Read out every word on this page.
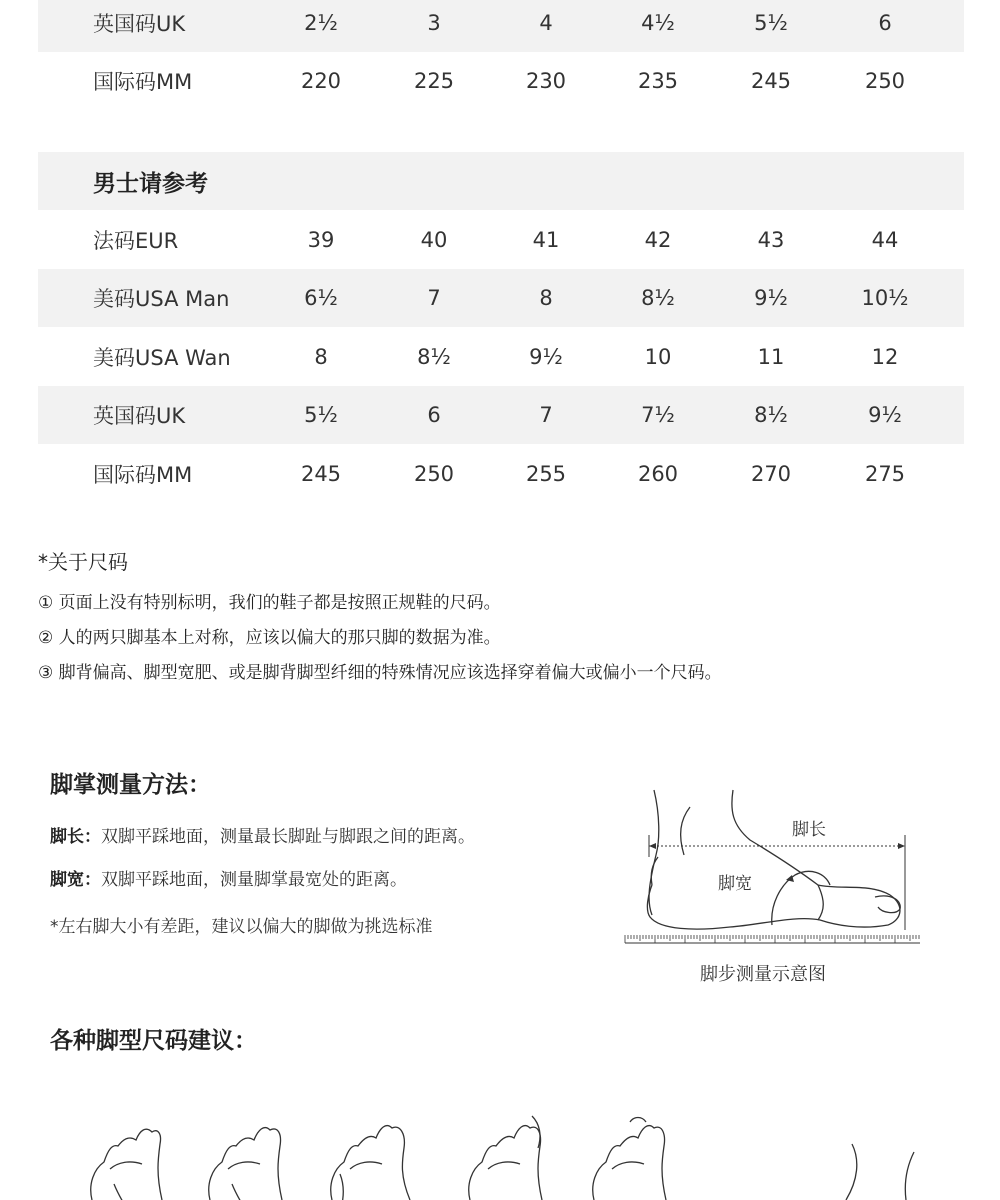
英国码UK	2½	3	4	4½	5½	6
国际码MM	220	225	230	235	245	250
男士请参考
法码EUR	39	40	41	42	43	44
美码USA Man	6½	7	8	8½	9½	10½
美码USA Wan	8	8½	9½	10	11	12
英国码UK	5½	6	7	7½	8½	9½
国际码MM	245	250	255	260	270	275
*关于尺码
① 页面上没有特别标明，我们的鞋子都是按照正规鞋的尺码。
② 人的两只脚基本上对称，应该以偏大的那只脚的数据为准。
③ 脚背偏高、脚型宽肥、或是脚背脚型纤细的特殊情况应该选择穿着偏大或偏小一个尺码。
脚掌测量方法：
脚长：双脚平踩地面，测量最长脚趾与脚跟之间的距离。
脚宽：双脚平踩地面，测量脚掌最宽处的距离。
*左右脚大小有差距，建议以偏大的脚做为挑选标准
脚长
脚宽
脚步测量示意图
各种脚型尺码建议：
